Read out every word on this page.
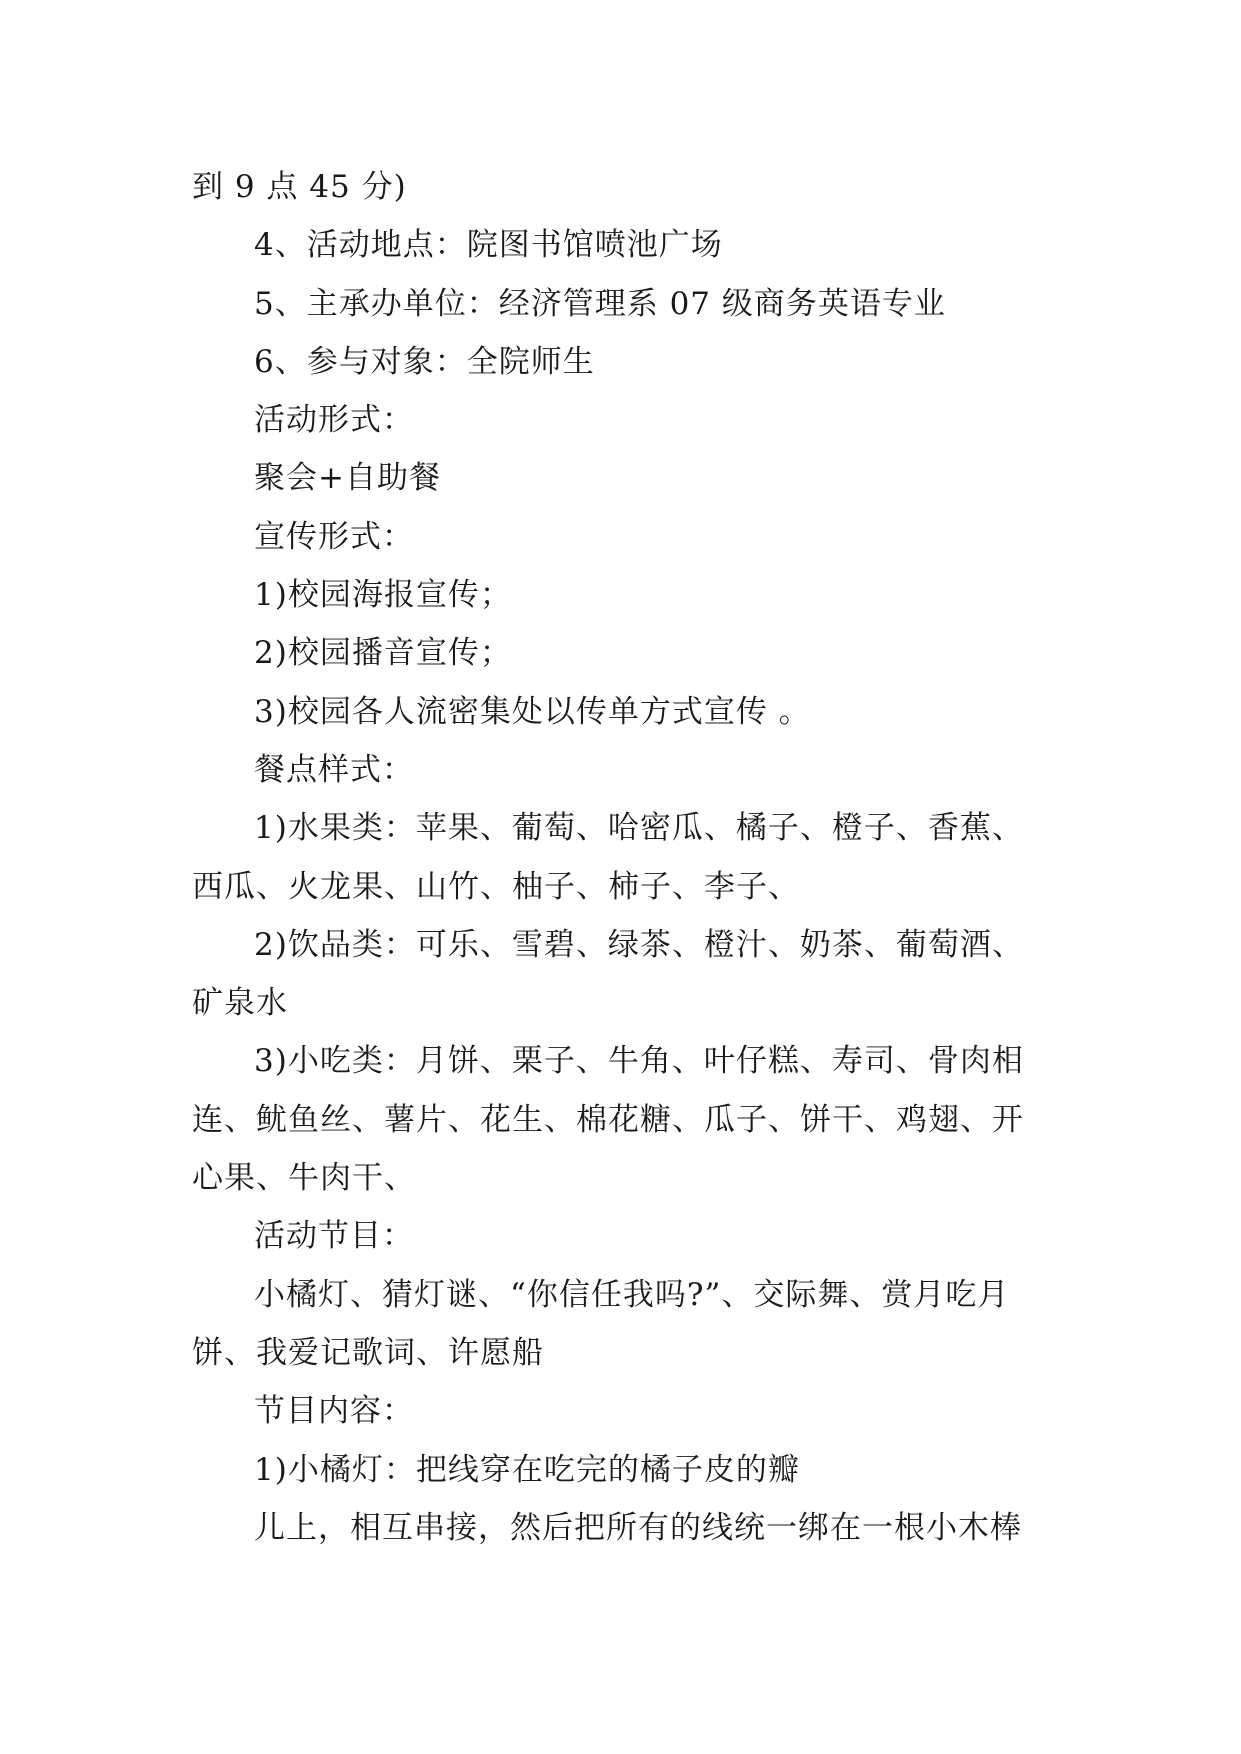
到 9 点 45 分)
4、活动地点：院图书馆喷池广场
5、主承办单位：经济管理系 07 级商务英语专业
6、参与对象：全院师生
活动形式：
聚会+自助餐
宣传形式：
1)校园海报宣传；
2)校园播音宣传；
3)校园各人流密集处以传单方式宣传 。
餐点样式：
1)水果类：苹果、葡萄、哈密瓜、橘子、橙子、香蕉、
西瓜、火龙果、山竹、柚子、柿子、李子、
2)饮品类：可乐、雪碧、绿茶、橙汁、奶茶、葡萄酒、
矿泉水
3)小吃类：月饼、栗子、牛角、叶仔糕、寿司、骨肉相
连、鱿鱼丝、薯片、花生、棉花糖、瓜子、饼干、鸡翅、开
心果、牛肉干、
活动节目：
小橘灯、猜灯谜、“你信任我吗?”、交际舞、赏月吃月
饼、我爱记歌词、许愿船
节目内容：
1)小橘灯：把线穿在吃完的橘子皮的瓣
儿上，相互串接，然后把所有的线统一绑在一根小木棒
